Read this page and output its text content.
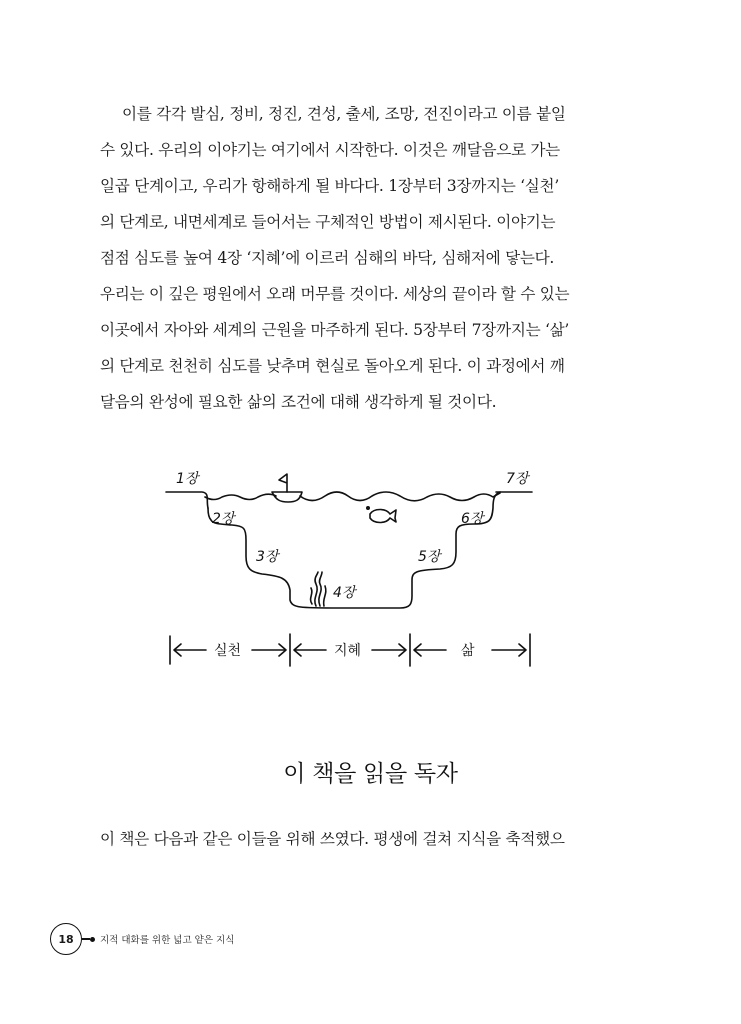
이를 각각 발심, 정비, 정진, 견성, 출세, 조망, 전진이라고 이름 붙일
수 있다. 우리의 이야기는 여기에서 시작한다. 이것은 깨달음으로 가는
일곱 단계이고, 우리가 항해하게 될 바다다. 1장부터 3장까지는 ‘실천’
의 단계로, 내면세계로 들어서는 구체적인 방법이 제시된다. 이야기는
점점 심도를 높여 4장 ‘지혜’에 이르러 심해의 바닥, 심해저에 닿는다.
우리는 이 깊은 평원에서 오래 머무를 것이다. 세상의 끝이라 할 수 있는
이곳에서 자아와 세계의 근원을 마주하게 된다. 5장부터 7장까지는 ‘삶’
의 단계로 천천히 심도를 낮추며 현실로 돌아오게 된다. 이 과정에서 깨
달음의 완성에 필요한 삶의 조건에 대해 생각하게 될 것이다.
1장
2장
3장
4장
5장
6장
7장
실천	지혜	삶
이 책을 읽을 독자
이 책은 다음과 같은 이들을 위해 쓰였다. 평생에 걸쳐 지식을 축적했으
18	지적 대화를 위한 넓고 얕은 지식
